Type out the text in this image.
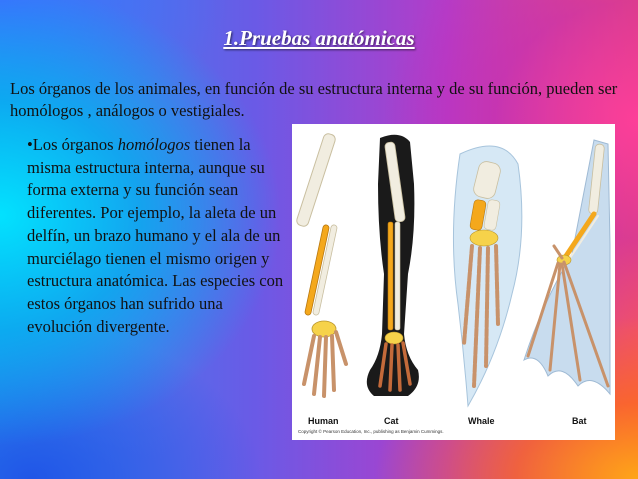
1.Pruebas anatómicas

Los órganos de los animales, en función de su estructura interna y de su función, pueden ser homólogos , análogos o vestigiales.

•Los órganos homólogos tienen la misma estructura interna, aunque su forma externa y su función sean diferentes. Por ejemplo, la aleta de un delfín, un brazo humano y el ala de un murciélago tienen el mismo origen y estructura anatómica. Las especies con estos órganos han sufrido una evolución divergente.

Human	Cat	Whale	Bat
Copyright © Pearson Education, Inc., publishing as Benjamin Cummings.
